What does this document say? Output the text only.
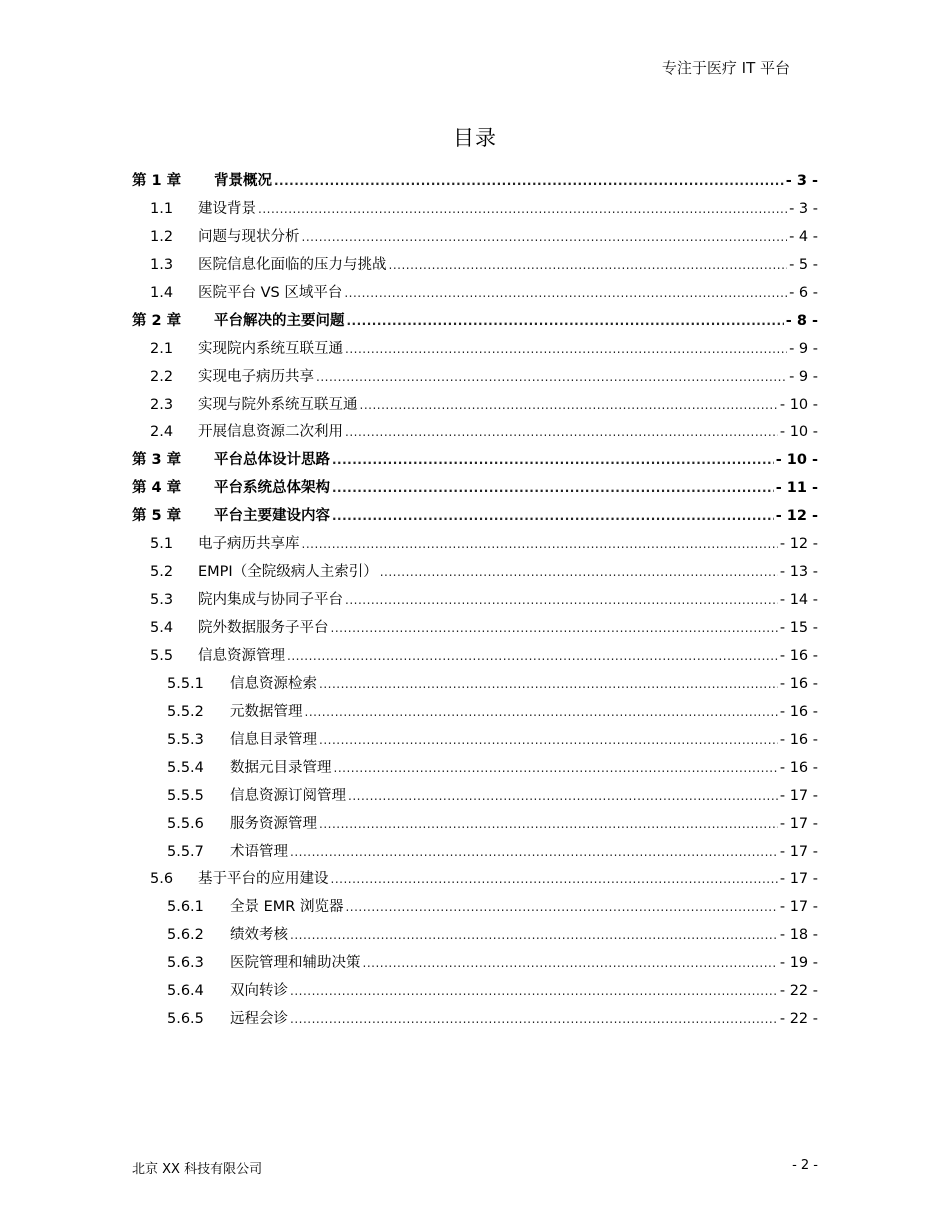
专注于医疗 IT 平台
目录
第 1 章	背景概况 .....	- 3 -
1.1	建设背景 .....	- 3 -
1.2	问题与现状分析 .....	- 4 -
1.3	医院信息化面临的压力与挑战 .....	- 5 -
1.4	医院平台 VS 区域平台 .....	- 6 -
第 2 章	平台解决的主要问题 .....	- 8 -
2.1	实现院内系统互联互通 .....	- 9 -
2.2	实现电子病历共享 .....	- 9 -
2.3	实现与院外系统互联互通 .....	- 10 -
2.4	开展信息资源二次利用 .....	- 10 -
第 3 章	平台总体设计思路 .....	- 10 -
第 4 章	平台系统总体架构 .....	- 11 -
第 5 章	平台主要建设内容 .....	- 12 -
5.1	电子病历共享库 .....	- 12 -
5.2	EMPI（全院级病人主索引） .....	- 13 -
5.3	院内集成与协同子平台 .....	- 14 -
5.4	院外数据服务子平台 .....	- 15 -
5.5	信息资源管理 .....	- 16 -
5.5.1	信息资源检索 .....	- 16 -
5.5.2	元数据管理 .....	- 16 -
5.5.3	信息目录管理 .....	- 16 -
5.5.4	数据元目录管理 .....	- 16 -
5.5.5	信息资源订阅管理 .....	- 17 -
5.5.6	服务资源管理 .....	- 17 -
5.5.7	术语管理 .....	- 17 -
5.6	基于平台的应用建设 .....	- 17 -
5.6.1	全景 EMR 浏览器 .....	- 17 -
5.6.2	绩效考核 .....	- 18 -
5.6.3	医院管理和辅助决策 .....	- 19 -
5.6.4	双向转诊 .....	- 22 -
5.6.5	远程会诊 .....	- 22 -
北京 XX 科技有限公司	- 2 -
